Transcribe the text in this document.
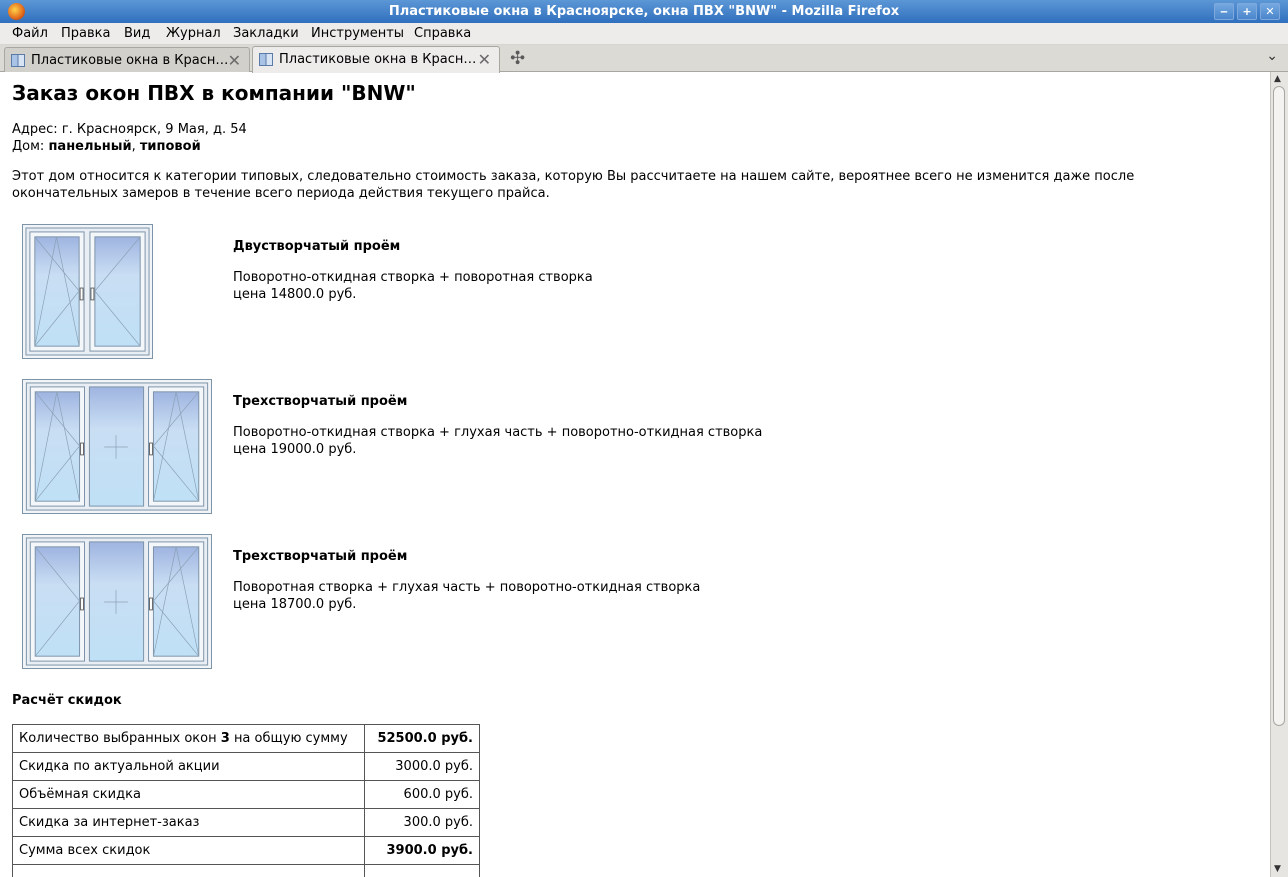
Пластиковые окна в Красноярске, окна ПВХ "BNW" - Mozilla Firefox	‒	+	✕
Файл Правка Вид Журнал Закладки Инструменты Справка
Пластиковые окна в Красн… ✕	Пластиковые окна в Красн… ✕ ✣	⌄
Заказ окон ПВХ в компании "BNW"
Адрес: г. Красноярск, 9 Мая, д. 54
Дом: панельный, типовой
Этот дом относится к категории типовых, следовательно стоимость заказа, которую Вы рассчитаете на нашем сайте, вероятнее всего не изменится даже после окончательных замеров в течение всего периода действия текущего прайса.
Двустворчатый проём
Поворотно-откидная створка + поворотная створка
цена 14800.0 руб.
Трехстворчатый проём
Поворотно-откидная створка + глухая часть + поворотно-откидная створка
цена 19000.0 руб.
Трехстворчатый проём
Поворотная створка + глухая часть + поворотно-откидная створка
цена 18700.0 руб.
Расчёт скидок
Количество выбранных окон 3 на общую сумму	52500.0 руб.
Скидка по актуальной акции	3000.0 руб.
Объёмная скидка	600.0 руб.
Скидка за интернет-заказ	300.0 руб.
Сумма всех скидок	3900.0 руб.

▲
▼
